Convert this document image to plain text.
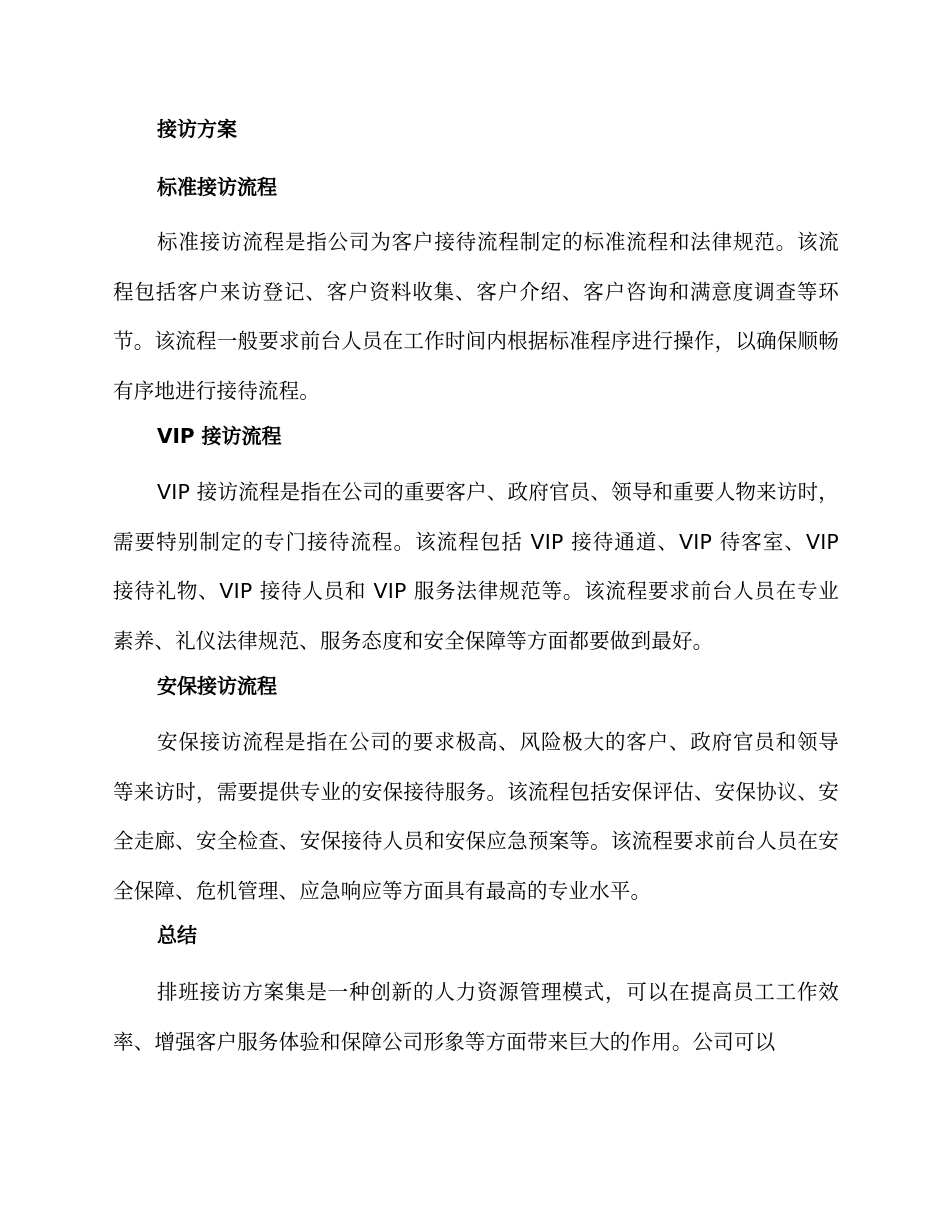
接访方案
标准接访流程
标准接访流程是指公司为客户接待流程制定的标准流程和法律规范。该流程包括客户来访登记、客户资料收集、客户介绍、客户咨询和满意度调查等环节。该流程一般要求前台人员在工作时间内根据标准程序进行操作，以确保顺畅有序地进行接待流程。
VIP 接访流程
VIP 接访流程是指在公司的重要客户、政府官员、领导和重要人物来访时，需要特别制定的专门接待流程。该流程包括 VIP 接待通道、VIP 待客室、VIP 接待礼物、VIP 接待人员和 VIP 服务法律规范等。该流程要求前台人员在专业素养、礼仪法律规范、服务态度和安全保障等方面都要做到最好。
安保接访流程
安保接访流程是指在公司的要求极高、风险极大的客户、政府官员和领导等来访时，需要提供专业的安保接待服务。该流程包括安保评估、安保协议、安全走廊、安全检查、安保接待人员和安保应急预案等。该流程要求前台人员在安全保障、危机管理、应急响应等方面具有最高的专业水平。
总结
排班接访方案集是一种创新的人力资源管理模式，可以在提高员工工作效率、增强客户服务体验和保障公司形象等方面带来巨大的作用。公司可以
